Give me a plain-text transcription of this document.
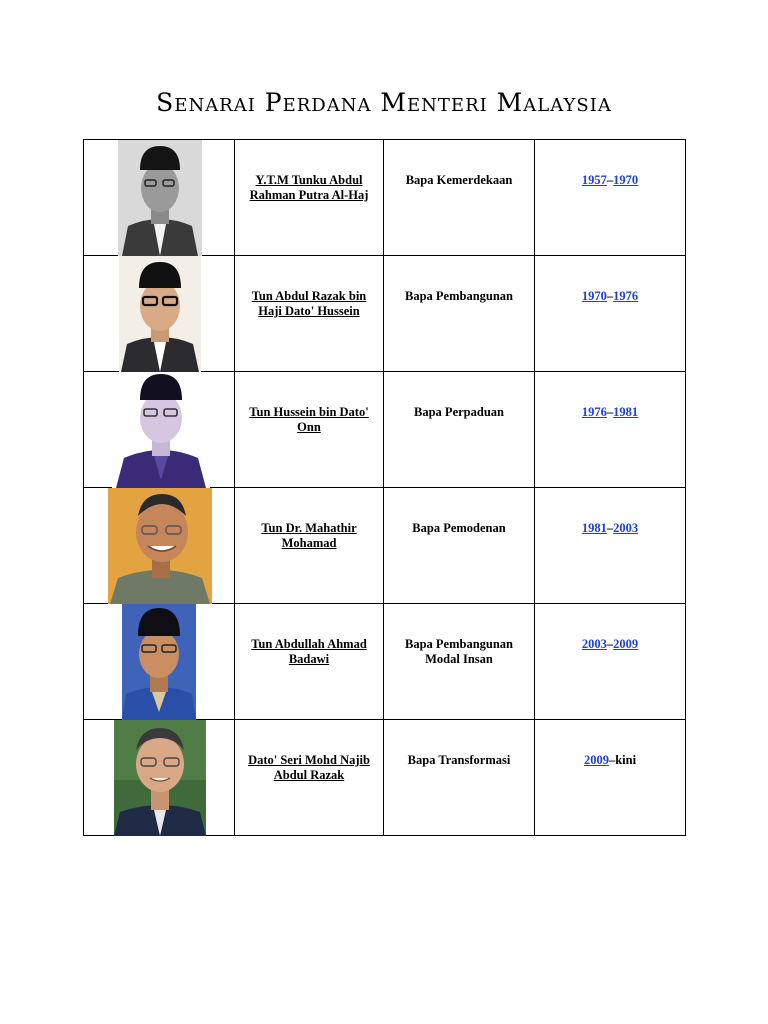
Senarai Perdana Menteri Malaysia

Y.T.M Tunku Abdul Rahman Putra Al-Haj	Bapa Kemerdekaan	1957–1970

Tun Abdul Razak bin Haji Dato' Hussein	Bapa Pembangunan	1970–1976

Tun Hussein bin Dato' Onn	Bapa Perpaduan	1976–1981

Tun Dr. Mahathir Mohamad	Bapa Pemodenan	1981–2003

Tun Abdullah Ahmad Badawi	Bapa Pembangunan Modal Insan	2003–2009

Dato' Seri Mohd Najib Abdul Razak	Bapa Transformasi	2009–kini
